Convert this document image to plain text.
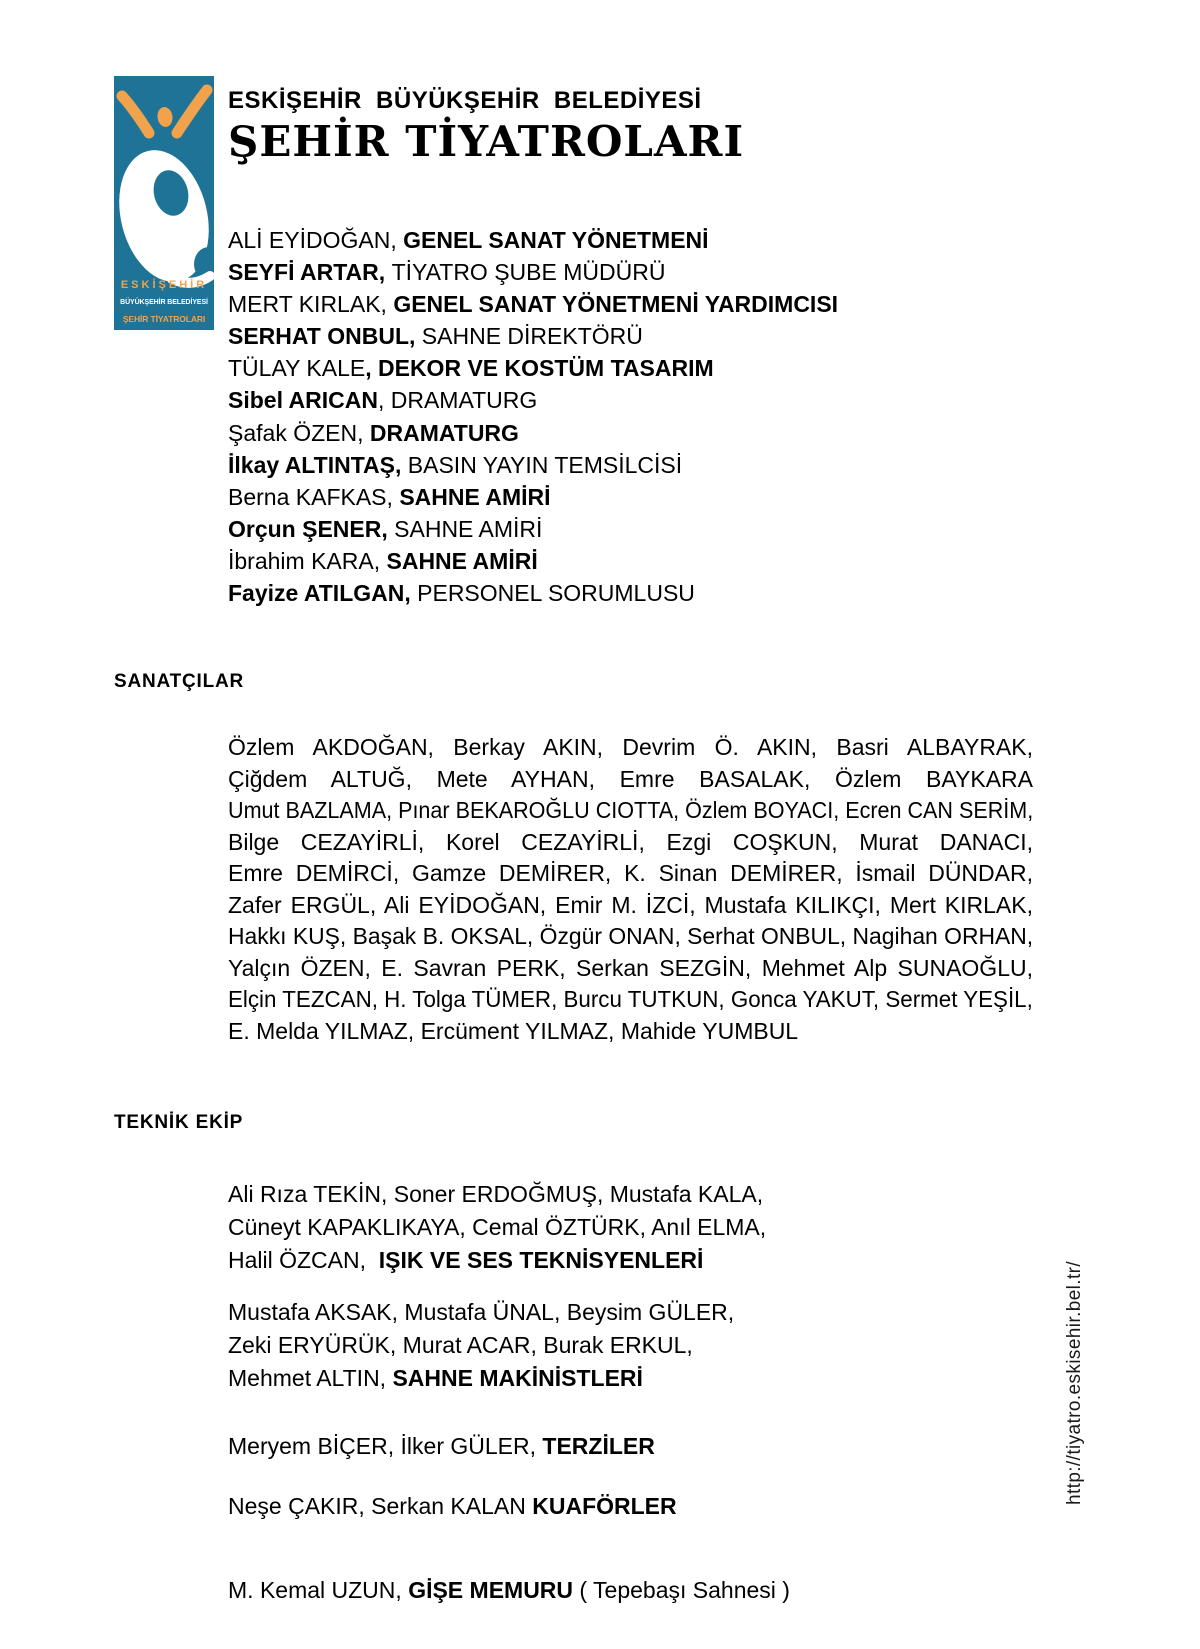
ESKİŞEHİR
BÜYÜKŞEHİR BELEDİYESİ
ŞEHİR TİYATROLARI
ESKİŞEHİR BÜYÜKŞEHİR BELEDİYESİ
ŞEHİR TİYATROLARI
ALİ EYİDOĞAN, GENEL SANAT YÖNETMENİ
SEYFİ ARTAR, TİYATRO ŞUBE MÜDÜRÜ
MERT KIRLAK, GENEL SANAT YÖNETMENİ YARDIMCISI
SERHAT ONBUL, SAHNE DİREKTÖRÜ
TÜLAY KALE, DEKOR VE KOSTÜM TASARIM
Sibel ARICAN, DRAMATURG
Şafak ÖZEN, DRAMATURG
İlkay ALTINTAŞ, BASIN YAYIN TEMSİLCİSİ
Berna KAFKAS, SAHNE AMİRİ
Orçun ŞENER, SAHNE AMİRİ
İbrahim KARA, SAHNE AMİRİ
Fayize ATILGAN, PERSONEL SORUMLUSU
SANATÇILAR
Özlem AKDOĞAN, Berkay AKIN, Devrim Ö. AKIN, Basri ALBAYRAK,
Çiğdem ALTUĞ, Mete AYHAN, Emre BASALAK, Özlem BAYKARA
Umut BAZLAMA, Pınar BEKAROĞLU CIOTTA, Özlem BOYACI, Ecren CAN SERİM,
Bilge CEZAYİRLİ, Korel CEZAYİRLİ, Ezgi COŞKUN, Murat DANACI,
Emre DEMİRCİ, Gamze DEMİRER, K. Sinan DEMİRER, İsmail DÜNDAR,
Zafer ERGÜL, Ali EYİDOĞAN, Emir M. İZCİ, Mustafa KILIKÇI, Mert KIRLAK,
Hakkı KUŞ, Başak B. OKSAL, Özgür ONAN, Serhat ONBUL, Nagihan ORHAN,
Yalçın ÖZEN, E. Savran PERK, Serkan SEZGİN, Mehmet Alp SUNAOĞLU,
Elçin TEZCAN, H. Tolga TÜMER, Burcu TUTKUN, Gonca YAKUT, Sermet YEŞİL,
E. Melda YILMAZ, Ercüment YILMAZ, Mahide YUMBUL
TEKNİK EKİP
Ali Rıza TEKİN, Soner ERDOĞMUŞ, Mustafa KALA,
Cüneyt KAPAKLIKAYA, Cemal ÖZTÜRK, Anıl ELMA,
Halil ÖZCAN,  IŞIK VE SES TEKNİSYENLERİ
Mustafa AKSAK, Mustafa ÜNAL, Beysim GÜLER,
Zeki ERYÜRÜK, Murat ACAR, Burak ERKUL,
Mehmet ALTIN, SAHNE MAKİNİSTLERİ
Meryem BİÇER, İlker GÜLER, TERZİLER
Neşe ÇAKIR, Serkan KALAN KUAFÖRLER
M. Kemal UZUN, GİŞE MEMURU ( Tepebaşı Sahnesi )
http://tiyatro.eskisehir.bel.tr/
